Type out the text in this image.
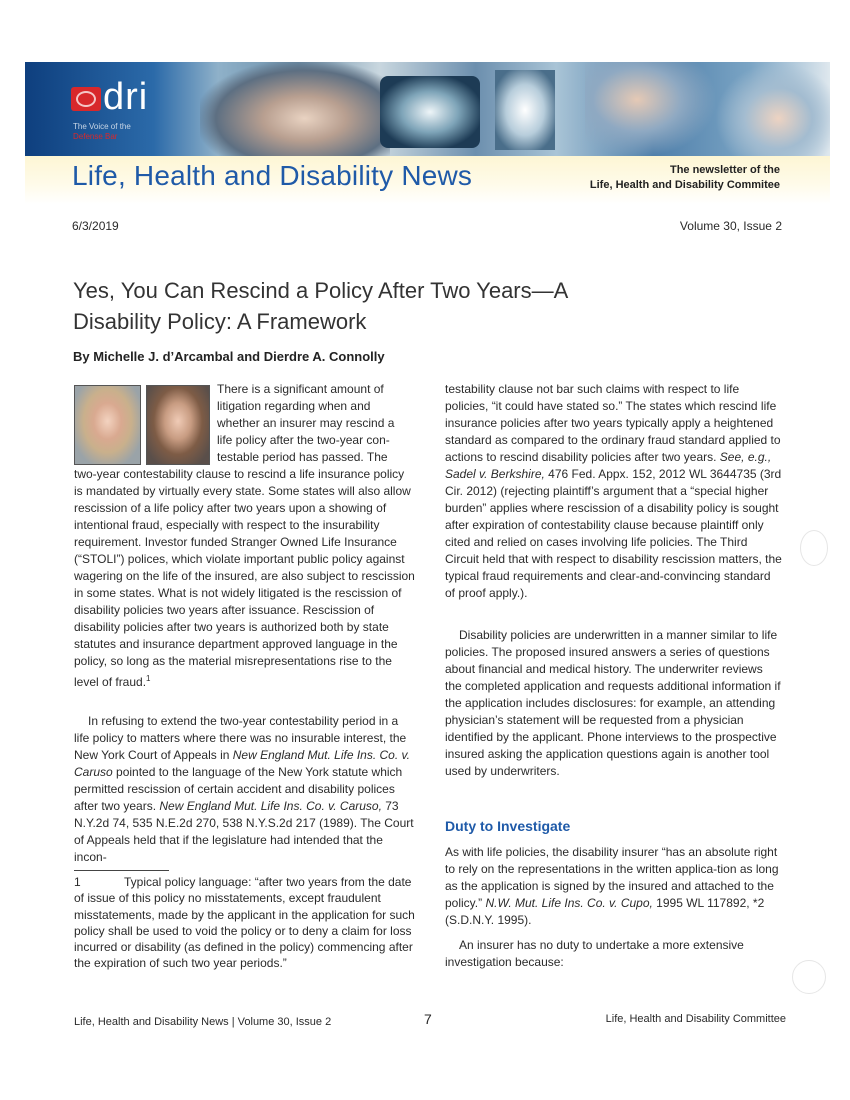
dri
The Voice of the
Defense Bar
Life, Health and Disability News	The newsletter of the
Life, Health and Disability Commitee
6/3/2019	Volume 30, Issue 2
Yes, You Can Rescind a Policy After Two Years—A
Disability Policy: A Framework
By Michelle J. d’Arcambal and Dierdre A. Connolly

There is a significant amount of litigation regarding when and whether an insurer may rescind a life policy after the two-year con-testable period has passed. The

two-year contestability clause to rescind a life insurance policy is mandated by virtually every state. Some states will also allow rescission of a life policy after two years upon a showing of intentional fraud, especially with respect to the insurability requirement. Investor funded Stranger Owned Life Insurance (“STOLI”) polices, which violate important public policy against wagering on the life of the insured, are also subject to rescission in some states. What is not widely litigated is the rescission of disability policies two years after issuance. Rescission of disability policies after two years is authorized both by state statutes and insurance department approved language in the policy, so long as the material misrepresentations rise to the level of fraud.$^1$

In refusing to extend the two-year contestability period in a life policy to matters where there was no insurable interest, the New York Court of Appeals in New England Mut. Life Ins. Co. v. Caruso pointed to the language of the New York statute which permitted rescission of certain accident and disability polices after two years. New England Mut. Life Ins. Co. v. Caruso, 73 N.Y.2d 74, 535 N.E.2d 270, 538 N.Y.S.2d 217 (1989). The Court of Appeals held that if the legislature had intended that the incon-

1	Typical policy language: “after two years from the date of issue of this policy no misstatements, except fraudulent misstatements, made by the applicant in the application for such policy shall be used to void the policy or to deny a claim for loss incurred or disability (as defined in the policy) commencing after the expiration of such two year periods.”

testability clause not bar such claims with respect to life policies, “it could have stated so.” The states which rescind life insurance policies after two years typically apply a heightened standard as compared to the ordinary fraud standard applied to actions to rescind disability policies after two years. See, e.g., Sadel v. Berkshire, 476 Fed. Appx. 152, 2012 WL 3644735 (3rd Cir. 2012) (rejecting plaintiff’s argument that a “special higher burden” applies where rescission of a disability policy is sought after expiration of contestability clause because plaintiff only cited and relied on cases involving life policies. The Third Circuit held that with respect to disability rescission matters, the typical fraud requirements and clear-and-convincing standard of proof apply.).

Disability policies are underwritten in a manner similar to life policies. The proposed insured answers a series of questions about financial and medical history. The underwriter reviews the completed application and requests additional information if the application includes disclosures: for example, an attending physician’s statement will be requested from a physician identified by the applicant. Phone interviews to the prospective insured asking the application questions again is another tool used by underwriters.

Duty to Investigate

As with life policies, the disability insurer “has an absolute right to rely on the representations in the written applica-tion as long as the application is signed by the insured and attached to the policy.” N.W. Mut. Life Ins. Co. v. Cupo, 1995 WL 117892, *2 (S.D.N.Y. 1995).

An insurer has no duty to undertake a more extensive investigation because:

Life, Health and Disability News | Volume 30, Issue 2	7	Life, Health and Disability Committee
